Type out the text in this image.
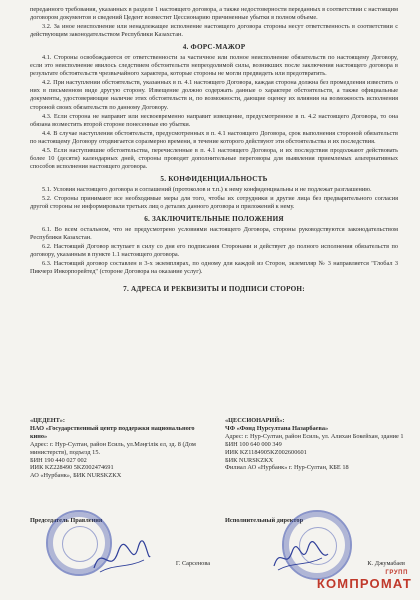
переданного требования, указанных в разделе 1 настоящего договора, а также недостоверности переданных в соответствии с настоящим договором документов и сведений Цедент возместит Цессионарию причиненные убытки в полном объеме.

3.2. За иное неисполнение или ненадлежащее исполнение настоящего договора стороны несут ответственность в соответствии с действующим законодательством Республики Казахстан.

4. ФОРС-МАЖОР

4.1. Стороны освобождаются от ответственности за частичное или полное неисполнение обязательств по настоящему Договору, если это неисполнение явилось следствием обстоятельств непреодолимой силы, возникших после заключения настоящего договора в результате обстоятельств чрезвычайного характера, которые стороны не могли предвидеть или предотвратить.

4.2. При наступлении обстоятельств, указанных в п. 4.1 настоящего Договора, каждая сторона должна без промедления известить о них в письменном виде другую сторону. Извещение должно содержать данные о характере обстоятельств, а также официальные документы, удостоверяющие наличие этих обстоятельств и, по возможности, дающие оценку их влияния на возможность исполнения стороной своих обязательств по данному Договору.

4.3. Если сторона не направит или несвоевременно направит извещение, предусмотренное в п. 4.2 настоящего Договора, то она обязана возместить второй стороне понесенные ею убытки.

4.4. В случае наступления обстоятельств, предусмотренных в п. 4.1 настоящего Договора, срок выполнения стороной обязательств по настоящему Договору отодвигается соразмерно времени, в течение которого действуют эти обстоятельства и их последствия.

4.5. Если наступившие обстоятельства, перечисленные в п. 4.1 настоящего Договора, и их последствия продолжают действовать более 10 (десяти) календарных дней, стороны проводят дополнительные переговоры для выявления приемлемых альтернативных способов исполнения настоящего договора.

5. КОНФИДЕНЦИАЛЬНОСТЬ

5.1. Условия настоящего договора и соглашений (протоколов и т.п.) к нему конфиденциальны и не подлежат разглашению.

5.2. Стороны принимают все необходимые меры для того, чтобы их сотрудники и другие лица без предварительного согласия другой стороны не информировали третьих лиц о деталях данного договора и приложений к нему.

6. ЗАКЛЮЧИТЕЛЬНЫЕ ПОЛОЖЕНИЯ

6.1. Во всем остальном, что не предусмотрено условиями настоящего Договора, стороны руководствуются законодательством Республики Казахстан.

6.2. Настоящий Договор вступает в силу со дня его подписания Сторонами и действует до полного исполнения обязательств по договору, указанным в пункте 1.1 настоящего договора.

6.3. Настоящий договор составлен в 3-х экземплярах, по одному для каждой из Сторон, экземпляр № 3 направляется "Глобал 3 Пикчерз Инкорпорейтед" (стороне Договора на оказание услуг).

7. АДРЕСА И РЕКВИЗИТЫ И ПОДПИСИ СТОРОН:
«ЦЕДЕНТ»:
НАО «Государственный центр поддержки национального кино»
Адрес: г. Нур-Султан, район Есиль, ул.Мәңгілік ел, зд. 8 (Дом министерств), подъезд 15.
БИН 190 440 027 002
ИИК KZ228490 5KZ002474691
АО «Нурбанк», БИК NURSKZKX
Председатель Правления
Г. Сарсенова
«ЦЕССИОНАРИЙ»:
ЧФ «Фонд Нурсултана Назарбаева»
Адрес: г. Нур-Султан, район Есиль, ул. Алихан Бокейхан, здание 1
БИН 100 640 000 349
ИИК KZ1184905KZ002600601
БИК NURSKZKX
Филиал АО «Нурбанк» г. Нур-Султан, КБЕ 18
Исполнительный директор
К. Джумабаев
ГРУПП
КОМПРОМАТ
